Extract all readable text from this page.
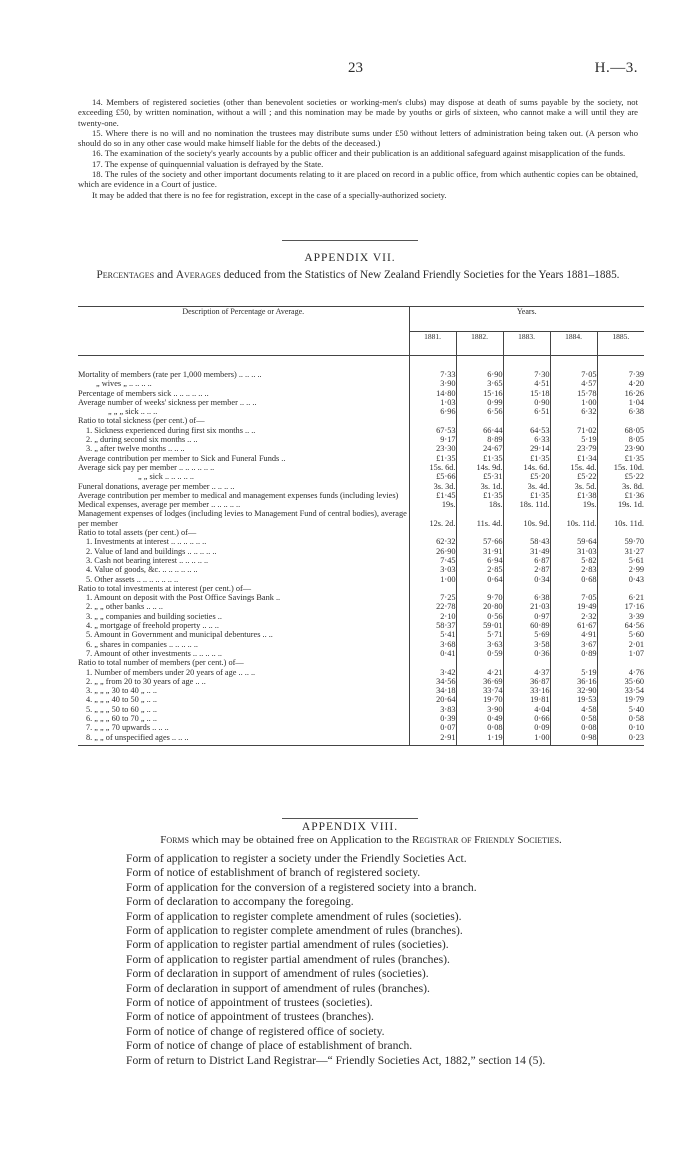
23	H.—3.

14. Members of registered societies (other than benevolent societies or working-men's clubs) may dispose at death of sums payable by the society, not exceeding £50, by written nomination, without a will ; and this nomination may be made by youths or girls of sixteen, who cannot make a will until they are twenty-one.

15. Where there is no will and no nomination the trustees may distribute sums under £50 without letters of administration being taken out. (A person who should do so in any other case would make himself liable for the debts of the deceased.)

16. The examination of the society's yearly accounts by a public officer and their publication is an additional safeguard against misapplication of the funds.

17. The expense of quinquennial valuation is defrayed by the State.

18. The rules of the society and other important documents relating to it are placed on record in a public office, from which authentic copies can be obtained, which are evidence in a Court of justice.

It may be added that there is no fee for registration, except in the case of a specially-authorized society.

APPENDIX VII.
Percentages and Averages deduced from the Statistics of New Zealand Friendly Societies for the Years 1881–1885.
Description of Percentage or Average.	Years.				
	1881.	1882.	1883.	1884.	1885.

Mortality of members (rate per 1,000 members) .. .. .. ..	7·33	6·90	7·30	7·05	7·39
„ wives „ .. .. .. ..	3·90	3·65	4·51	4·57	4·20
Percentage of members sick .. .. .. .. .. ..	14·80	15·16	15·18	15·78	16·26
Average number of weeks' sickness per member .. .. ..	1·03	0·99	0·90	1·00	1·04
„ „ „ sick .. .. ..	6·96	6·56	6·51	6·32	6·38
Ratio to total sickness (per cent.) of—					
1. Sickness experienced during first six months .. ..	67·53	66·44	64·53	71·02	68·05
2. „ during second six months .. ..	9·17	8·89	6·33	5·19	8·05
3. „ after twelve months .. .. ..	23·30	24·67	29·14	23·79	23·90
Average contribution per member to Sick and Funeral Funds ..	£1·35	£1·35	£1·35	£1·34	£1·35
Average sick pay per member .. .. .. .. .. ..	15s. 6d.	14s. 9d.	14s. 6d.	15s. 4d.	15s. 10d.
„ „ sick .. .. .. .. ..	£5·66	£5·31	£5·20	£5·22	£5·22
Funeral donations, average per member .. .. .. ..	3s. 3d.	3s. 1d.	3s. 4d.	3s. 5d.	3s. 8d.
Average contribution per member to medical and management expenses funds (including levies)	£1·45	£1·35	£1·35	£1·38	£1·36
Medical expenses, average per member .. .. .. .. ..	19s.	18s.	18s. 11d.	19s.	19s. 1d.
Management expenses of lodges (including levies to Management Fund of central bodies), average per member	12s. 2d.	11s. 4d.	10s. 9d.	10s. 11d.	10s. 11d.
Ratio to total assets (per cent.) of—					
1. Investments at interest .. .. .. .. .. ..	62·32	57·66	58·43	59·64	59·70
2. Value of land and buildings .. .. .. .. ..	26·90	31·91	31·49	31·03	31·27
3. Cash not bearing interest .. .. .. .. ..	7·45	6·94	6·87	5·82	5·61
4. Value of goods, &c. .. .. .. .. .. ..	3·03	2·85	2·87	2·83	2·99
5. Other assets .. .. .. .. .. .. ..	1·00	0·64	0·34	0·68	0·43
Ratio to total investments at interest (per cent.) of—					
1. Amount on deposit with the Post Office Savings Bank ..	7·25	9·70	6·38	7·05	6·21
2. „ „ other banks .. .. ..	22·78	20·80	21·03	19·49	17·16
3. „ „ companies and building societies ..	2·10	0·56	0·97	2·32	3·39
4. „ mortgage of freehold property .. .. ..	58·37	59·01	60·89	61·67	64·56
5. Amount in Government and municipal debentures .. ..	5·41	5·71	5·69	4·91	5·60
6. „ shares in companies .. .. .. .. ..	3·68	3·63	3·58	3·67	2·01
7. Amount of other investments .. .. .. .. ..	0·41	0·59	0·36	0·89	1·07
Ratio to total number of members (per cent.) of—					
1. Number of members under 20 years of age .. .. ..	3·42	4·21	4·37	5·19	4·76
2. „ „ from 20 to 30 years of age .. ..	34·56	36·69	36·87	36·16	35·60
3. „ „ „ 30 to 40 „ .. ..	34·18	33·74	33·16	32·90	33·54
4. „ „ „ 40 to 50 „ .. ..	20·64	19·70	19·81	19·53	19·79
5. „ „ „ 50 to 60 „ .. ..	3·83	3·90	4·04	4·58	5·40
6. „ „ „ 60 to 70 „ .. ..	0·39	0·49	0·66	0·58	0·58
7. „ „ „ 70 upwards .. .. ..	0·07	0·08	0·09	0·08	0·10
8. „ „ of unspecified ages .. .. ..	2·91	1·19	1·00	0·98	0·23

APPENDIX VIII.
Forms which may be obtained free on Application to the Registrar of Friendly Societies.
Form of application to register a society under the Friendly Societies Act.
Form of notice of establishment of branch of registered society.
Form of application for the conversion of a registered society into a branch.
Form of declaration to accompany the foregoing.
Form of application to register complete amendment of rules (societies).
Form of application to register complete amendment of rules (branches).
Form of application to register partial amendment of rules (societies).
Form of application to register partial amendment of rules (branches).
Form of declaration in support of amendment of rules (societies).
Form of declaration in support of amendment of rules (branches).
Form of notice of appointment of trustees (societies).
Form of notice of appointment of trustees (branches).
Form of notice of change of registered office of society.
Form of notice of change of place of establishment of branch.
Form of return to District Land Registrar—“ Friendly Societies Act, 1882,” section 14 (5).
